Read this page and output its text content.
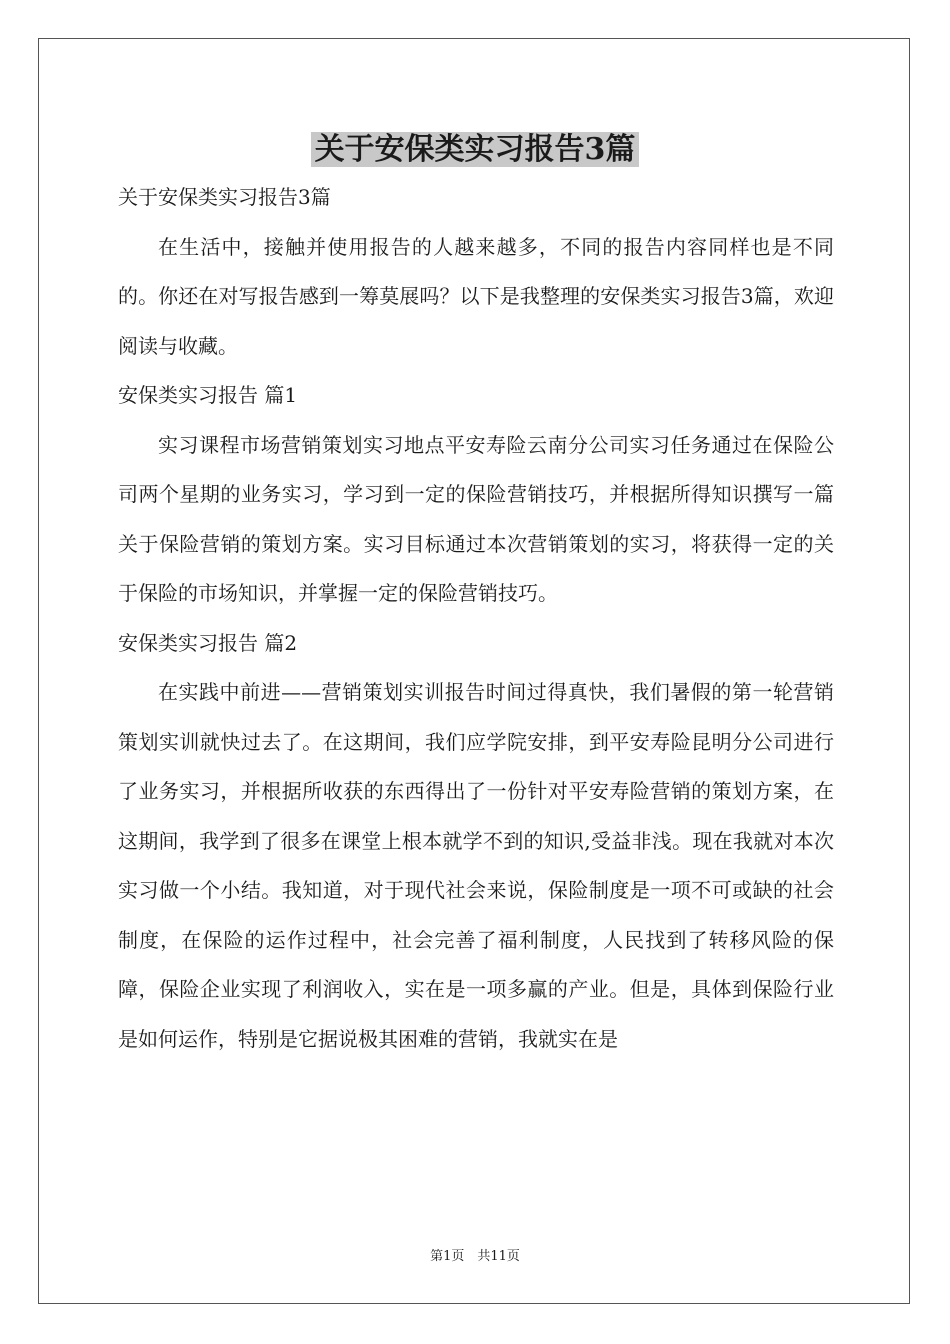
关于安保类实习报告3篇

关于安保类实习报告3篇

在生活中，接触并使用报告的人越来越多，不同的报告内容同样也是不同的。你还在对写报告感到一筹莫展吗？以下是我整理的安保类实习报告3篇，欢迎阅读与收藏。

安保类实习报告 篇1

实习课程市场营销策划实习地点平安寿险云南分公司实习任务通过在保险公司两个星期的业务实习，学习到一定的保险营销技巧，并根据所得知识撰写一篇关于保险营销的策划方案。实习目标通过本次营销策划的实习，将获得一定的关于保险的市场知识，并掌握一定的保险营销技巧。

安保类实习报告 篇2

在实践中前进——营销策划实训报告时间过得真快，我们暑假的第一轮营销策划实训就快过去了。在这期间，我们应学院安排，到平安寿险昆明分公司进行了业务实习，并根据所收获的东西得出了一份针对平安寿险营销的策划方案，在这期间，我学到了很多在课堂上根本就学不到的知识,受益非浅。现在我就对本次实习做一个小结。我知道，对于现代社会来说，保险制度是一项不可或缺的社会制度，在保险的运作过程中，社会完善了福利制度，人民找到了转移风险的保障，保险企业实现了利润收入，实在是一项多赢的产业。但是，具体到保险行业是如何运作，特别是它据说极其困难的营销，我就实在是

第1页　共11页
